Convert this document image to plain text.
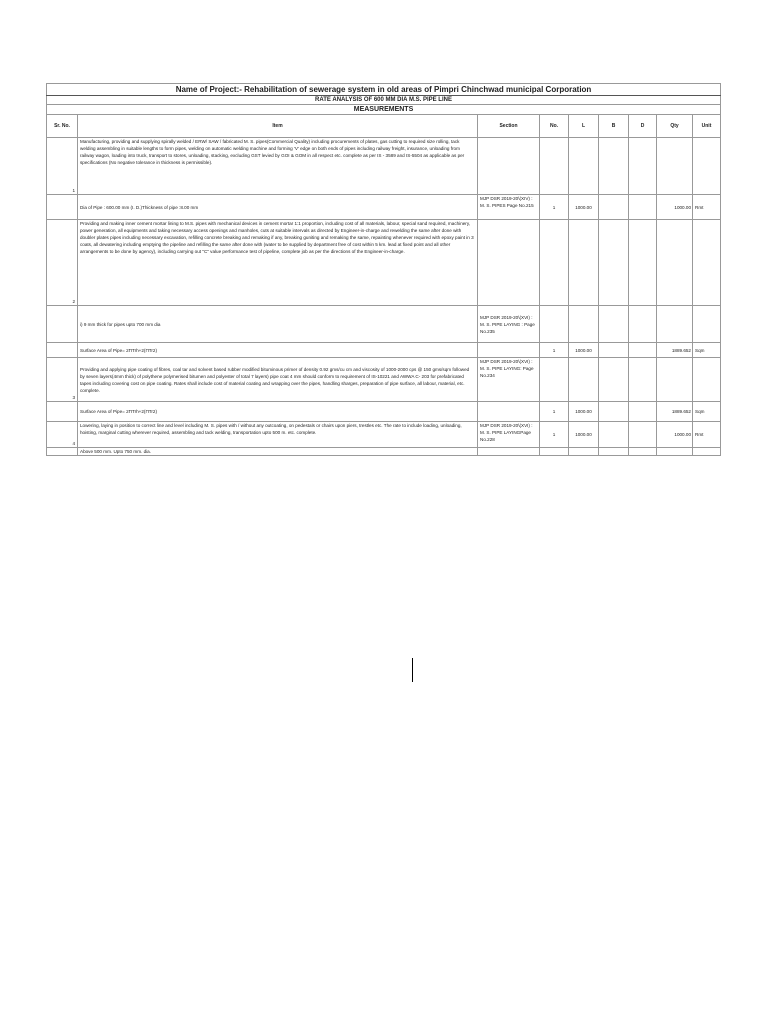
Name of Project:- Rehabilitation of sewerage system in old areas of Pimpri Chinchwad municipal Corporation								
RATE ANALYSIS OF 600 MM DIA M.S. PIPE LINE								
MEASUREMENTS								
Sr. No.	Item	Section	No.	L	B	D	Qty	Unit
1	Manufacturing, providing and supplying spirally welded / ERW/ SAW / fabricated M. S. pipes(Commercial Quality) including procurements of plates, gas cutting to required size rolling, tack welding assembling in suitable lengths to form pipes, welding on automatic welding machine and forming 'V' edge on both ends of pipes including railway freight, insurance, unloading from railway wagon, loading into truck, transport to stores, unloading, stacking, excluding GST levied by GOI & GOM in all respect etc. complete as per IS - 3589 and IS-5504 as applicable as per specifications (No negative tolerance in thickness is permissible).							
	Dia of Pipe : 600.00 mm (I. D.)Thickness of pipe :8.00 mm	MJP DSR 2019-20\(XIV) : M. S. PIPES Page No.215	1	1000.00			1000.00	Rmt
2	Providing and making inner cement mortar lining to M.S. pipes with mechanical devices in cement mortar 1:1 proportion, including cost of all materials, labour, special sand required, machinery, power generation, all equipments and taking necessary access openings and manholes, cuts at suitable intervals as directed by Engineer-in-charge and rewelding the same after done with doubler plates pipes including necessary excavation, refilling concrete breaking and remaking if any, breaking guniting and remaking the same, repainting whenever required with epoxy paint in 3 coats, all dewatering including emptying the pipeline and refilling the same after done with (water to be supplied by department free of cost within 5 km. lead at fixed point and all other arrangements to be done by agency), including carrying out "C" value performance test of pipeline, complete job as per the directions of the Engineer-in-charge.							
	i) 9 mm thick for pipes upto 700 mm dia	MJP DSR 2019-20\(XVI) : M. S. PIPE LAYING : Page No.235						
	Surface Area of Pipe= 2ΠTrh+2(ΠTr2)		1	1000.00			1889.652	Sqm
3	Providing and applying pipe coating of fibres, coal tar and solvent based rubber modified bituminous primer of density 0.92 gms/cu cm and viscosity of 1000-2000 cps @ 150 gms/sqm followed by seven layers(4mm thick) of polythene polymerised bitumen and polyester of total 7 layers) pipe coat 4 mm should conform to requirement of IS-10221 and AWWA C- 203 for prefabricated tapes including covering cost on pipe coating. Rates shall include cost of material coating and wrapping over the pipes, handling sharges, preparation of pipe surface, all labour, material, etc. complete.	MJP DSR 2019-20\(XVI) : M. S. PIPE LAYING: Page No.234						
	Surface Area of Pipe= 2ΠTrh+2(ΠTr2)		1	1000.00			1889.652	Sqm
4	Lowering, laying in position to correct line and level including M. S. pipes with / without any outcoating, on pedestals or chairs upon piers, trestles etc. The rate to include loading, unloading, hoisting, marginal cutting wherever required, assembling and tack welding, transportation upto 500 m. etc. complete.	MJP DSR 2019-20\(XVI) : M. S. PIPE LAYINGPage No.228	1	1000.00			1000.00	Rmt
	Above 500 mm. Upto 750 mm. dia.							
